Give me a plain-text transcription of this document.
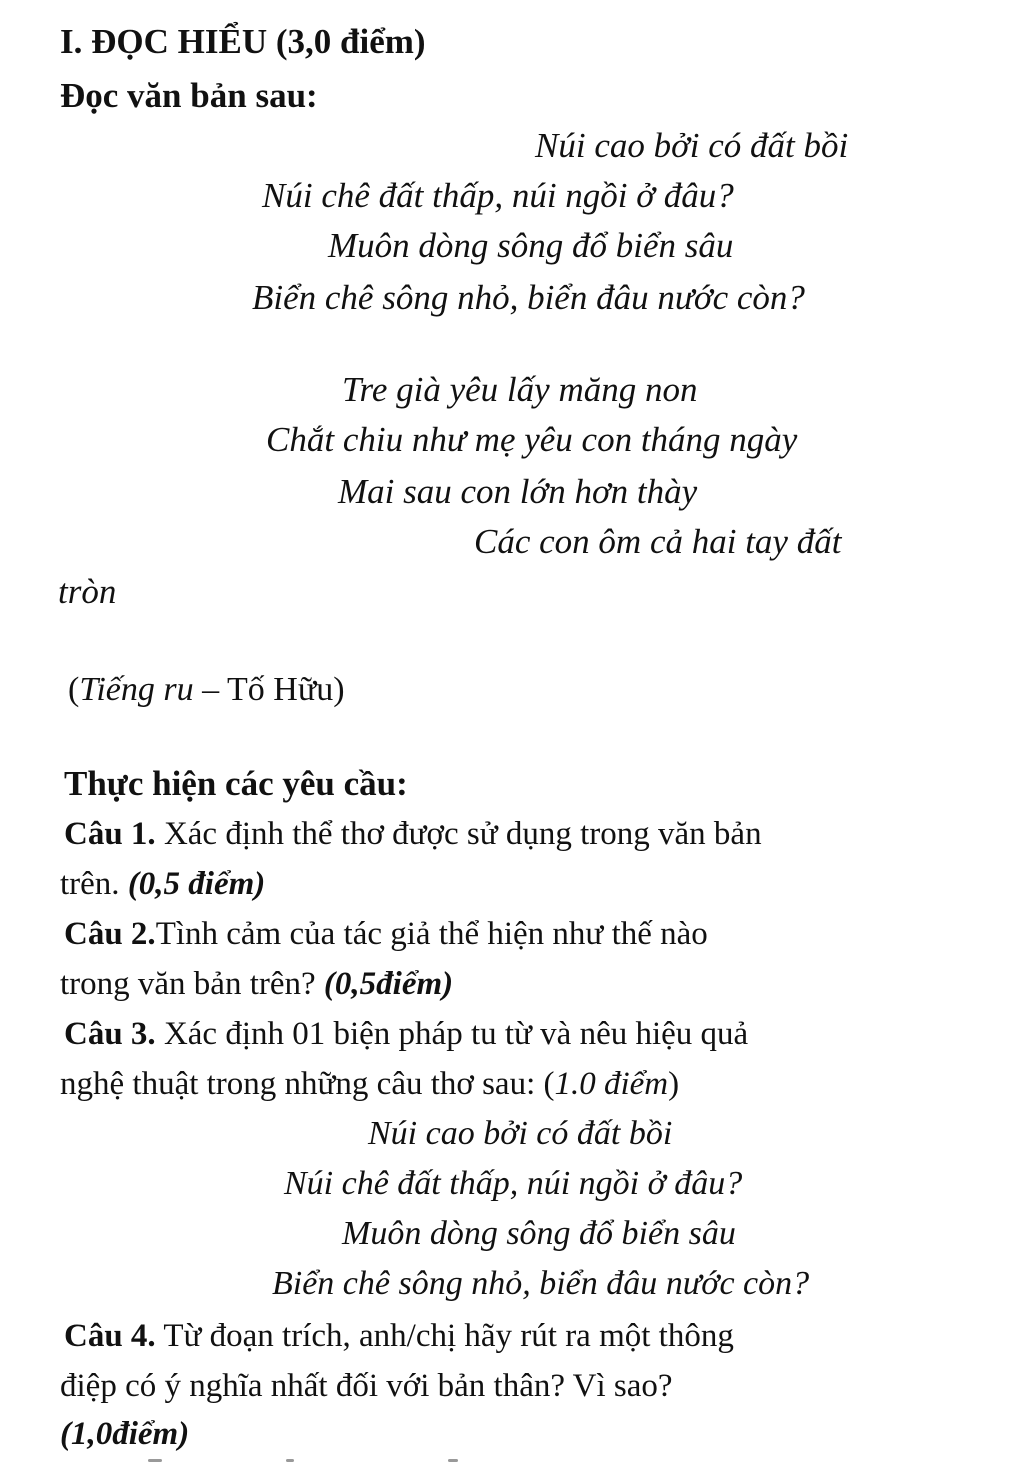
I. ĐỌC HIỂU (3,0 điểm)
Đọc văn bản sau:
Núi cao bởi có đất bồi
Núi chê đất thấp, núi ngồi ở đâu?
Muôn dòng sông đổ biển sâu
Biển chê sông nhỏ, biển đâu nước còn?
Tre già yêu lấy măng non
Chắt chiu như mẹ yêu con tháng ngày
Mai sau con lớn hơn thày
Các con ôm cả hai tay đất
tròn
(Tiếng ru – Tố Hữu)
Thực hiện các yêu cầu:
Câu 1. Xác định thể thơ được sử dụng trong văn bản
trên. (0,5 điểm)
Câu 2.Tình cảm của tác giả thể hiện như thế nào
trong văn bản trên? (0,5điểm)
Câu 3. Xác định 01 biện pháp tu từ và nêu hiệu quả
nghệ thuật trong những câu thơ sau: (1.0 điểm)
Núi cao bởi có đất bồi
Núi chê đất thấp, núi ngồi ở đâu?
Muôn dòng sông đổ biển sâu
Biển chê sông nhỏ, biển đâu nước còn?
Câu 4. Từ đoạn trích, anh/chị hãy rút ra một thông
điệp có ý nghĩa nhất đối với bản thân? Vì sao?
(1,0điểm)
